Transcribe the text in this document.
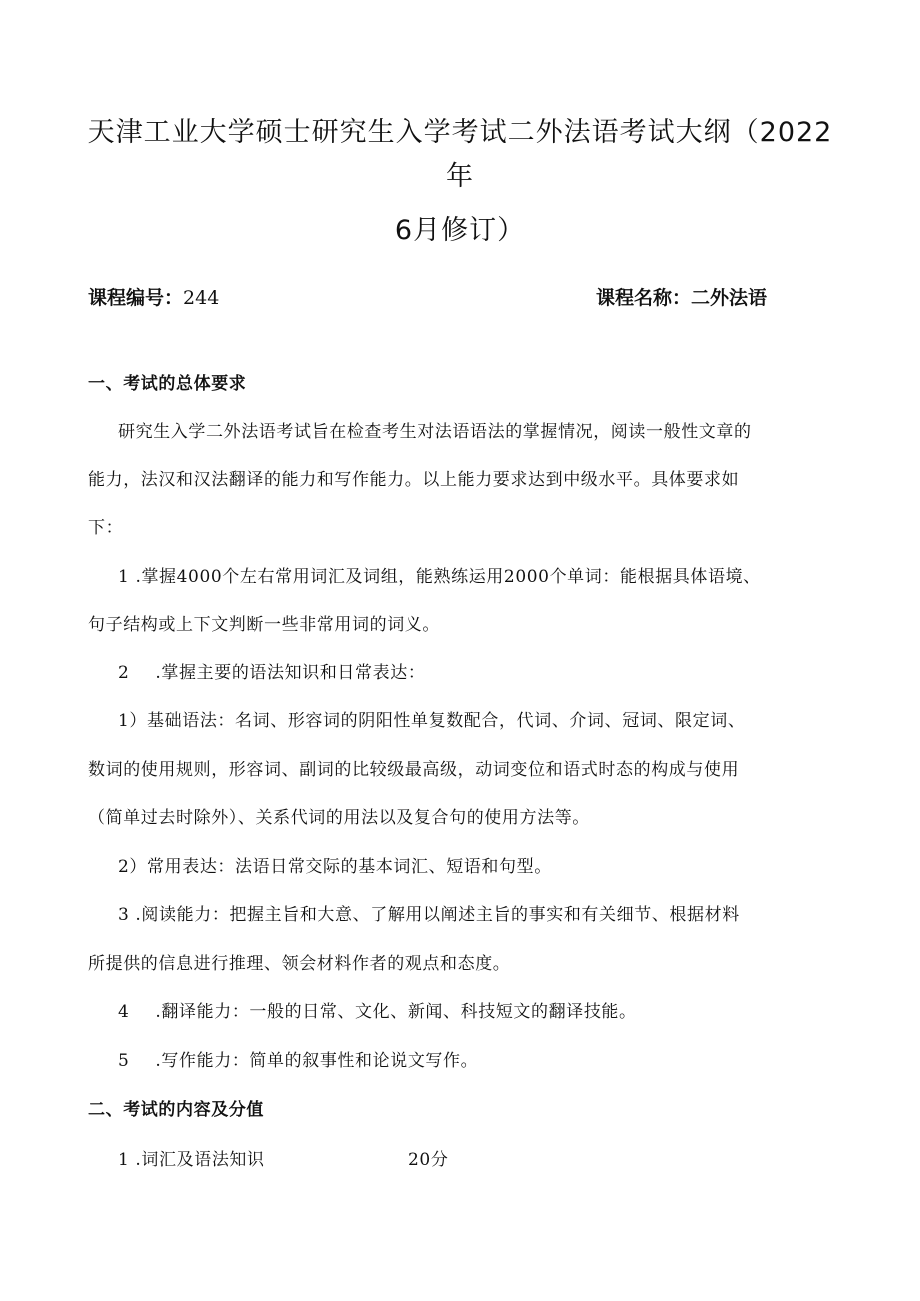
天津工业大学硕士研究生入学考试二外法语考试大纲（2022
年
6月修订）
课程编号：244	课程名称：二外法语
一、考试的总体要求
研究生入学二外法语考试旨在检查考生对法语语法的掌握情况，阅读一般性文章的
能力，法汉和汉法翻译的能力和写作能力。以上能力要求达到中级水平。具体要求如
下：
1 .掌握4000个左右常用词汇及词组，能熟练运用2000个单词：能根据具体语境、
句子结构或上下文判断一些非常用词的词义。
2 .掌握主要的语法知识和日常表达：
1）基础语法：名词、形容词的阴阳性单复数配合，代词、介词、冠词、限定词、
数词的使用规则，形容词、副词的比较级最高级，动词变位和语式时态的构成与使用
（简单过去时除外）、关系代词的用法以及复合句的使用方法等。
2）常用表达：法语日常交际的基本词汇、短语和句型。
3 .阅读能力：把握主旨和大意、了解用以阐述主旨的事实和有关细节、根据材料
所提供的信息进行推理、领会材料作者的观点和态度。
4 .翻译能力：一般的日常、文化、新闻、科技短文的翻译技能。
5 .写作能力：简单的叙事性和论说文写作。
二、考试的内容及分值
1 .词汇及语法知识	20分
